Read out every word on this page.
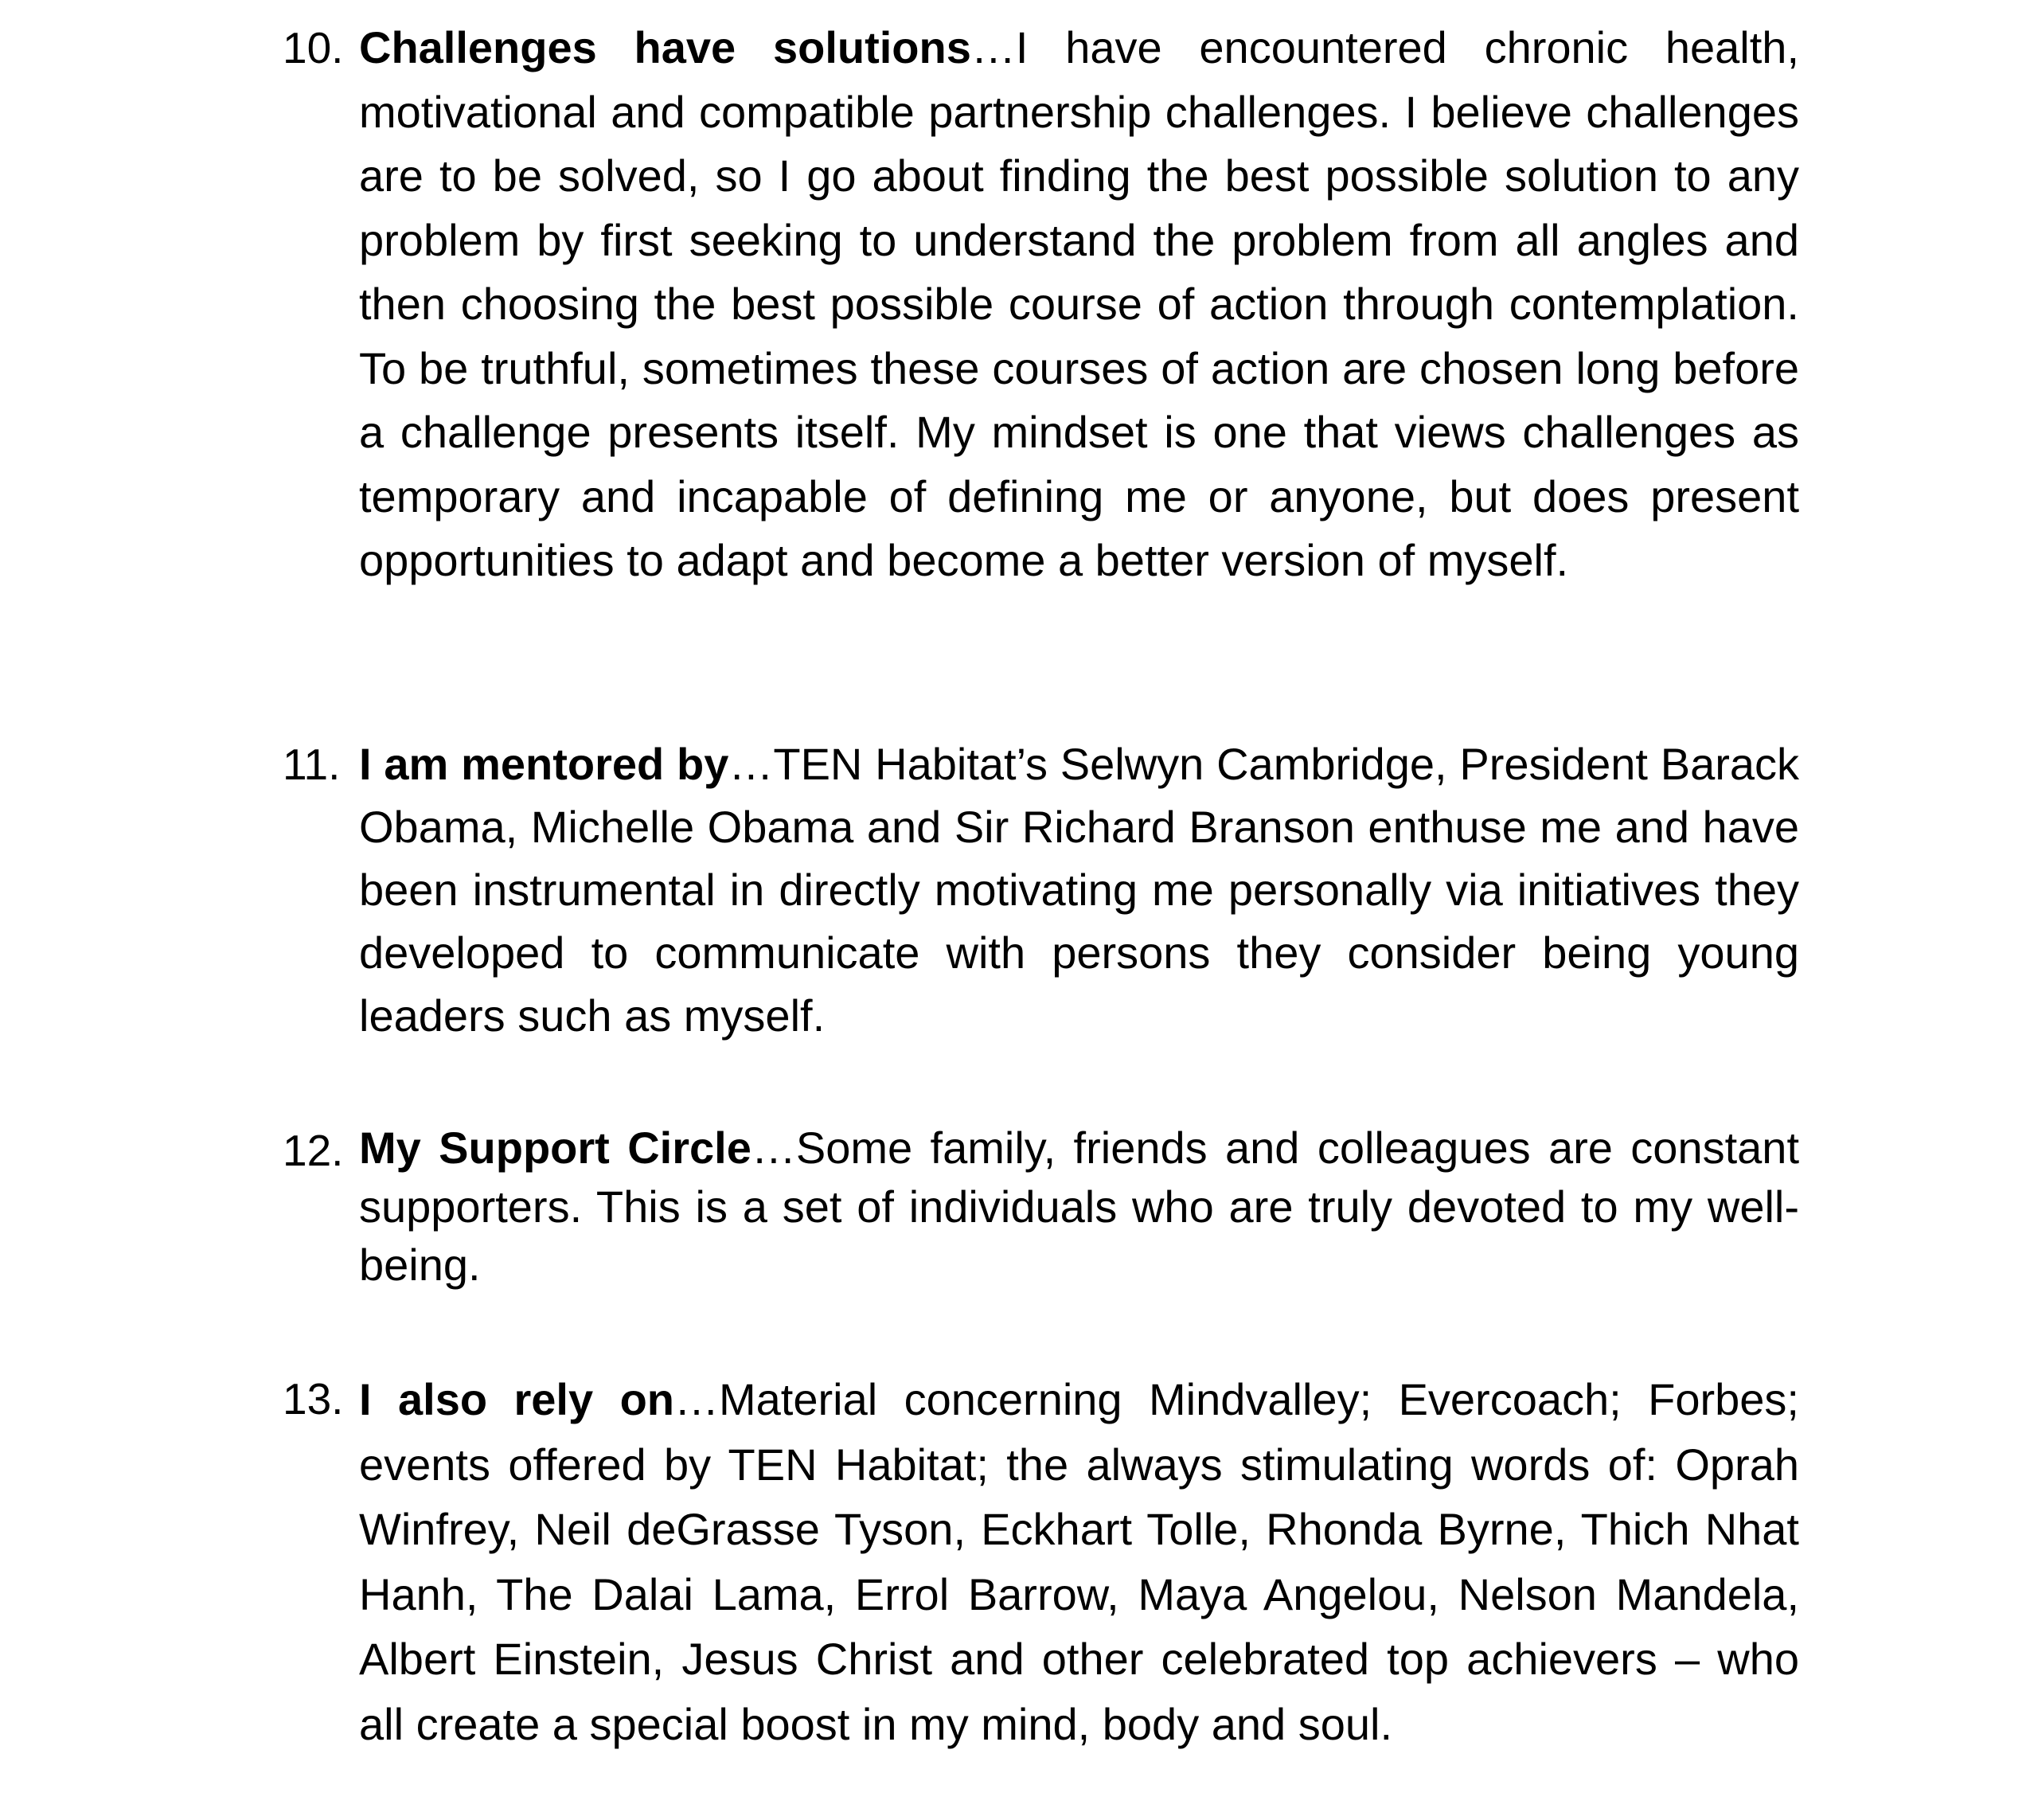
10. Challenges have solutions…I have encountered chronic health, motivational and compatible partnership challenges. I believe challenges are to be solved, so I go about finding the best possible solution to any problem by first seeking to understand the problem from all angles and then choosing the best possible course of action through contemplation. To be truthful, sometimes these courses of action are chosen long before a challenge presents itself. My mindset is one that views challenges as temporary and incapable of defining me or anyone, but does present opportunities to adapt and become a better version of myself.

11. I am mentored by…TEN Habitat’s Selwyn Cambridge, President Barack Obama, Michelle Obama and Sir Richard Branson enthuse me and have been instrumental in directly motivating me personally via initiatives they developed to communicate with persons they consider being young leaders such as myself.

12. My Support Circle…Some family, friends and colleagues are constant supporters. This is a set of individuals who are truly devoted to my well-being.

13. I also rely on…Material concerning Mindvalley; Evercoach; Forbes; events offered by TEN Habitat; the always stimulating words of: Oprah Winfrey, Neil deGrasse Tyson, Eckhart Tolle, Rhonda Byrne, Thich Nhat Hanh, The Dalai Lama, Errol Barrow, Maya Angelou, Nelson Mandela, Albert Einstein, Jesus Christ and other celebrated top achievers – who all create a special boost in my mind, body and soul.
